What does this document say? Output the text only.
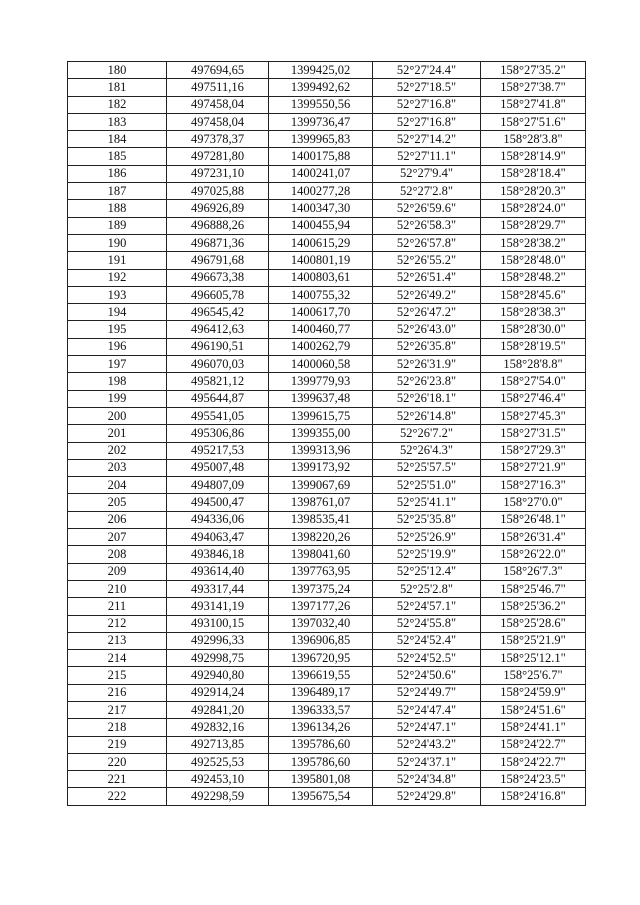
180	497694,65	1399425,02	52°27'24.4"	158°27'35.2"
181	497511,16	1399492,62	52°27'18.5"	158°27'38.7"
182	497458,04	1399550,56	52°27'16.8"	158°27'41.8"
183	497458,04	1399736,47	52°27'16.8"	158°27'51.6"
184	497378,37	1399965,83	52°27'14.2"	158°28'3.8"
185	497281,80	1400175,88	52°27'11.1"	158°28'14.9"
186	497231,10	1400241,07	52°27'9.4"	158°28'18.4"
187	497025,88	1400277,28	52°27'2.8"	158°28'20.3"
188	496926,89	1400347,30	52°26'59.6"	158°28'24.0"
189	496888,26	1400455,94	52°26'58.3"	158°28'29.7"
190	496871,36	1400615,29	52°26'57.8"	158°28'38.2"
191	496791,68	1400801,19	52°26'55.2"	158°28'48.0"
192	496673,38	1400803,61	52°26'51.4"	158°28'48.2"
193	496605,78	1400755,32	52°26'49.2"	158°28'45.6"
194	496545,42	1400617,70	52°26'47.2"	158°28'38.3"
195	496412,63	1400460,77	52°26'43.0"	158°28'30.0"
196	496190,51	1400262,79	52°26'35.8"	158°28'19.5"
197	496070,03	1400060,58	52°26'31.9"	158°28'8.8"
198	495821,12	1399779,93	52°26'23.8"	158°27'54.0"
199	495644,87	1399637,48	52°26'18.1"	158°27'46.4"
200	495541,05	1399615,75	52°26'14.8"	158°27'45.3"
201	495306,86	1399355,00	52°26'7.2"	158°27'31.5"
202	495217,53	1399313,96	52°26'4.3"	158°27'29.3"
203	495007,48	1399173,92	52°25'57.5"	158°27'21.9"
204	494807,09	1399067,69	52°25'51.0"	158°27'16.3"
205	494500,47	1398761,07	52°25'41.1"	158°27'0.0"
206	494336,06	1398535,41	52°25'35.8"	158°26'48.1"
207	494063,47	1398220,26	52°25'26.9"	158°26'31.4"
208	493846,18	1398041,60	52°25'19.9"	158°26'22.0"
209	493614,40	1397763,95	52°25'12.4"	158°26'7.3"
210	493317,44	1397375,24	52°25'2.8"	158°25'46.7"
211	493141,19	1397177,26	52°24'57.1"	158°25'36.2"
212	493100,15	1397032,40	52°24'55.8"	158°25'28.6"
213	492996,33	1396906,85	52°24'52.4"	158°25'21.9"
214	492998,75	1396720,95	52°24'52.5"	158°25'12.1"
215	492940,80	1396619,55	52°24'50.6"	158°25'6.7"
216	492914,24	1396489,17	52°24'49.7"	158°24'59.9"
217	492841,20	1396333,57	52°24'47.4"	158°24'51.6"
218	492832,16	1396134,26	52°24'47.1"	158°24'41.1"
219	492713,85	1395786,60	52°24'43.2"	158°24'22.7"
220	492525,53	1395786,60	52°24'37.1"	158°24'22.7"
221	492453,10	1395801,08	52°24'34.8"	158°24'23.5"
222	492298,59	1395675,54	52°24'29.8"	158°24'16.8"
